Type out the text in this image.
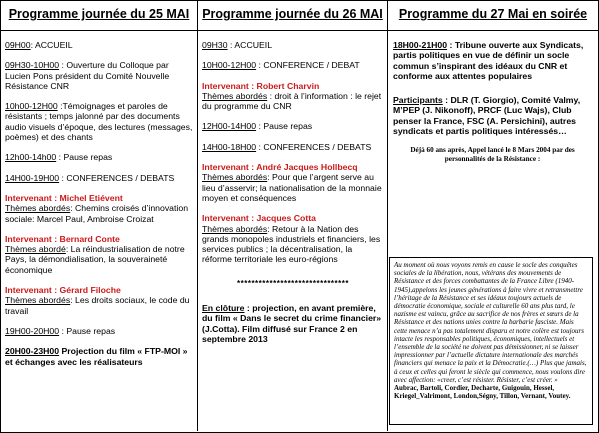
Programme journée du 25 MAI

09H00: ACCUEIL

09H30-10H00 : Ouverture du Colloque par Lucien Pons président du Comité Nouvelle Résistance CNR

10h00-12H00 :Témoignages et paroles de résistants ; temps jalonné par des documents audio visuels d’époque, des lectures (messages, poèmes) et des chants

12h00-14h00 : Pause repas

14H00-19H00 : CONFERENCES / DEBATS

Intervenant : Michel Etiévent

Thèmes abordés: Chemins croisés d’innovation sociale: Marcel Paul, Ambroise Croizat

Intervenant : Bernard Conte

Thèmes abordé: La réindustrialisation de notre Pays, la démondialisation, la souveraineté économique

Intervenant : Gérard Filoche

Thèmes abordés: Les droits sociaux, le code du travail

19H00-20H00 : Pause repas

20H00-23H00 Projection du film « FTP-MOI » et échanges avec les réalisateurs

Programme journée du 26 MAI

09H30 : ACCUEIL

10H00-12H00 : CONFERENCE / DEBAT

Intervenant : Robert Charvin

Thèmes abordés : droit à l’information : le rejet du programme du CNR

12H00-14H00 : Pause repas

14H00-18H00 : CONFERENCES / DEBATS

Intervenant : André Jacques Hollbecq

Thèmes abordés: Pour que l’argent serve au lieu d’asservir; la nationalisation de la monnaie moyen et conséquences

Intervenant : Jacques Cotta

Thèmes abordés: Retour à la Nation des grands monopoles industriels et financiers, les services publics ; la décentralisation, la réforme territoriale les euro-régions

*******************************

En clôture : projection, en avant première, du film « Dans le secret du crime financier» (J.Cotta). Film diffusé sur France 2 en septembre 2013

Programme du 27 Mai en soirée

18H00-21H00 : Tribune ouverte aux Syndicats, partis politiques en vue de définir un socle commun s’inspirant des idéaux du CNR et conforme aux attentes populaires

Participants : DLR (T. Giorgio), Comité Valmy, M’PEP (J. Nikonoff), PRCF (Luc Wajs), Club penser la France, FSC (A. Persichini), autres syndicats et partis politiques intéressés…

Déjà 60 ans après, Appel lancé le 8 Mars 2004 par des

personnalités de la Résistance :

Au moment où nous voyons remis en cause le socle des conquêtes sociales de la libération, nous, vétérans des mouvements de Résistance et des forces combattantes de la France Libre (1940-1945),appelons les jeunes générations à faire vivre et retransmettre l’héritage de la Résistance et ses idéaux toujours actuels de démocratie économique, sociale et culturelle 60 ans plus tard, le nazisme est vaincu, grâce au sacrifice de nos frères et sœurs de la Résistance et des nations unies contre la barbarie fasciste. Mais cette menace n’a pas totalement disparu et notre colère est toujours intacte les responsables politiques, économiques, intellectuels et l’ensemble de la société ne doivent pas démissionner, ni se laisser impressionner par l’actuelle dictature internationale des marchés financiers qui menace la paix et la Démocratie.(…) Plus que jamais, à ceux et celles qui feront le siècle qui commence, nous voulons dire avec affection: «creer, c’est résister. Résister, c’est créer. »

Aubrac, Bartoli, Cordier, Decharte, Guigouin, Hessel, Kriegel_Valrimont, London,Ségny, Tillon, Vernant, Voutey.
